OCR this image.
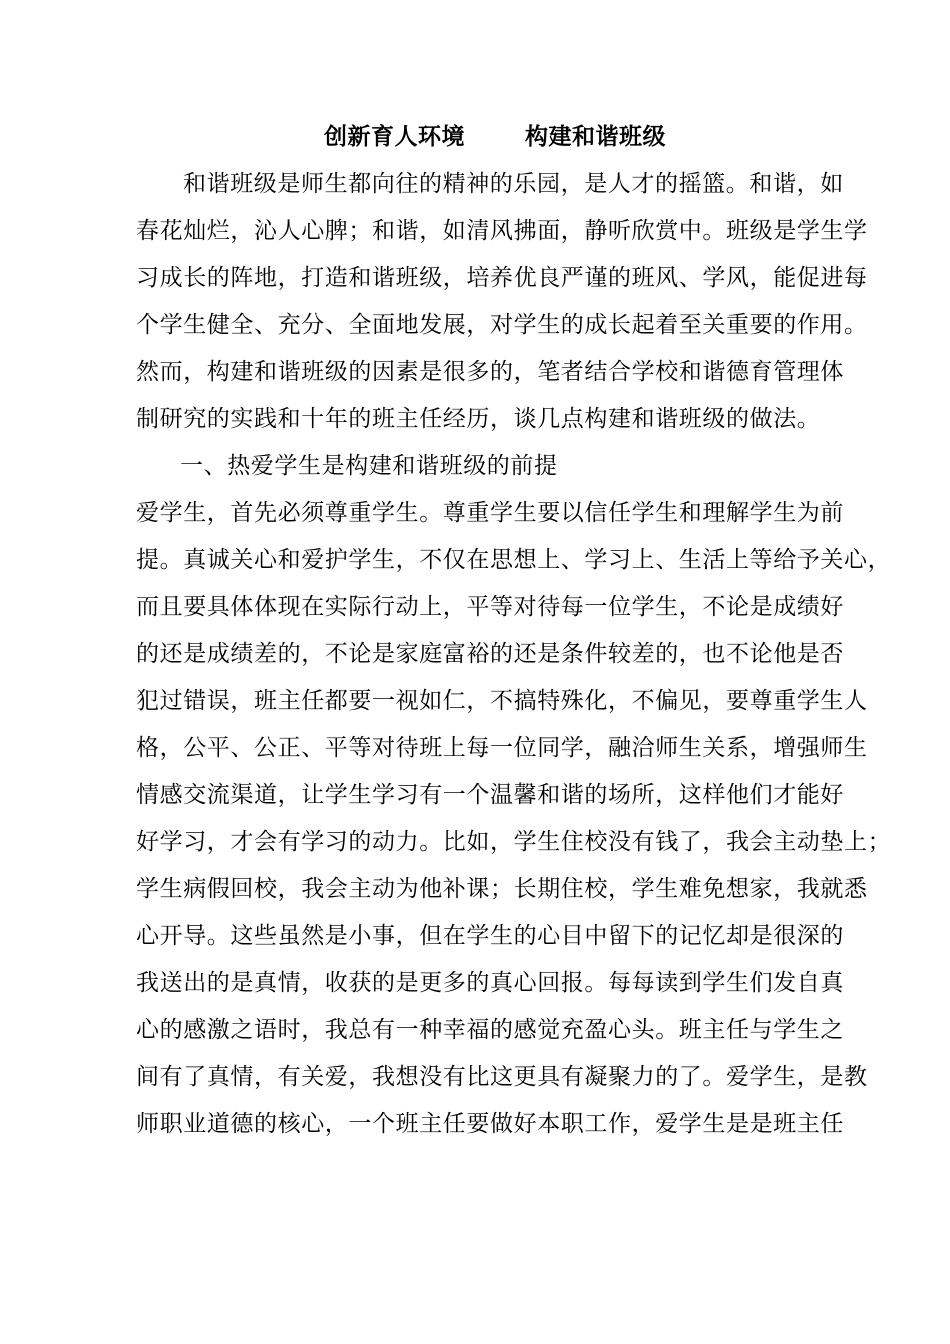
创新育人环境	构建和谐班级
和谐班级是师生都向往的精神的乐园，是人才的摇篮。和谐，如
春花灿烂，沁人心脾；和谐，如清风拂面，静听欣赏中。班级是学生学
习成长的阵地，打造和谐班级，培养优良严谨的班风、学风，能促进每
个学生健全、充分、全面地发展，对学生的成长起着至关重要的作用。
然而，构建和谐班级的因素是很多的，笔者结合学校和谐德育管理体
制研究的实践和十年的班主任经历，谈几点构建和谐班级的做法。
一、热爱学生是构建和谐班级的前提
爱学生，首先必须尊重学生。尊重学生要以信任学生和理解学生为前
提。真诚关心和爱护学生，不仅在思想上、学习上、生活上等给予关心，
而且要具体体现在实际行动上，平等对待每一位学生，不论是成绩好
的还是成绩差的，不论是家庭富裕的还是条件较差的，也不论他是否
犯过错误，班主任都要一视如仁，不搞特殊化，不偏见，要尊重学生人
格，公平、公正、平等对待班上每一位同学，融洽师生关系，增强师生
情感交流渠道，让学生学习有一个温馨和谐的场所，这样他们才能好
好学习，才会有学习的动力。比如，学生住校没有钱了，我会主动垫上；
学生病假回校，我会主动为他补课；长期住校，学生难免想家，我就悉
心开导。这些虽然是小事，但在学生的心目中留下的记忆却是很深的
我送出的是真情，收获的是更多的真心回报。每每读到学生们发自真
心的感激之语时，我总有一种幸福的感觉充盈心头。班主任与学生之
间有了真情，有关爱，我想没有比这更具有凝聚力的了。爱学生，是教
师职业道德的核心，一个班主任要做好本职工作，爱学生是是班主任
